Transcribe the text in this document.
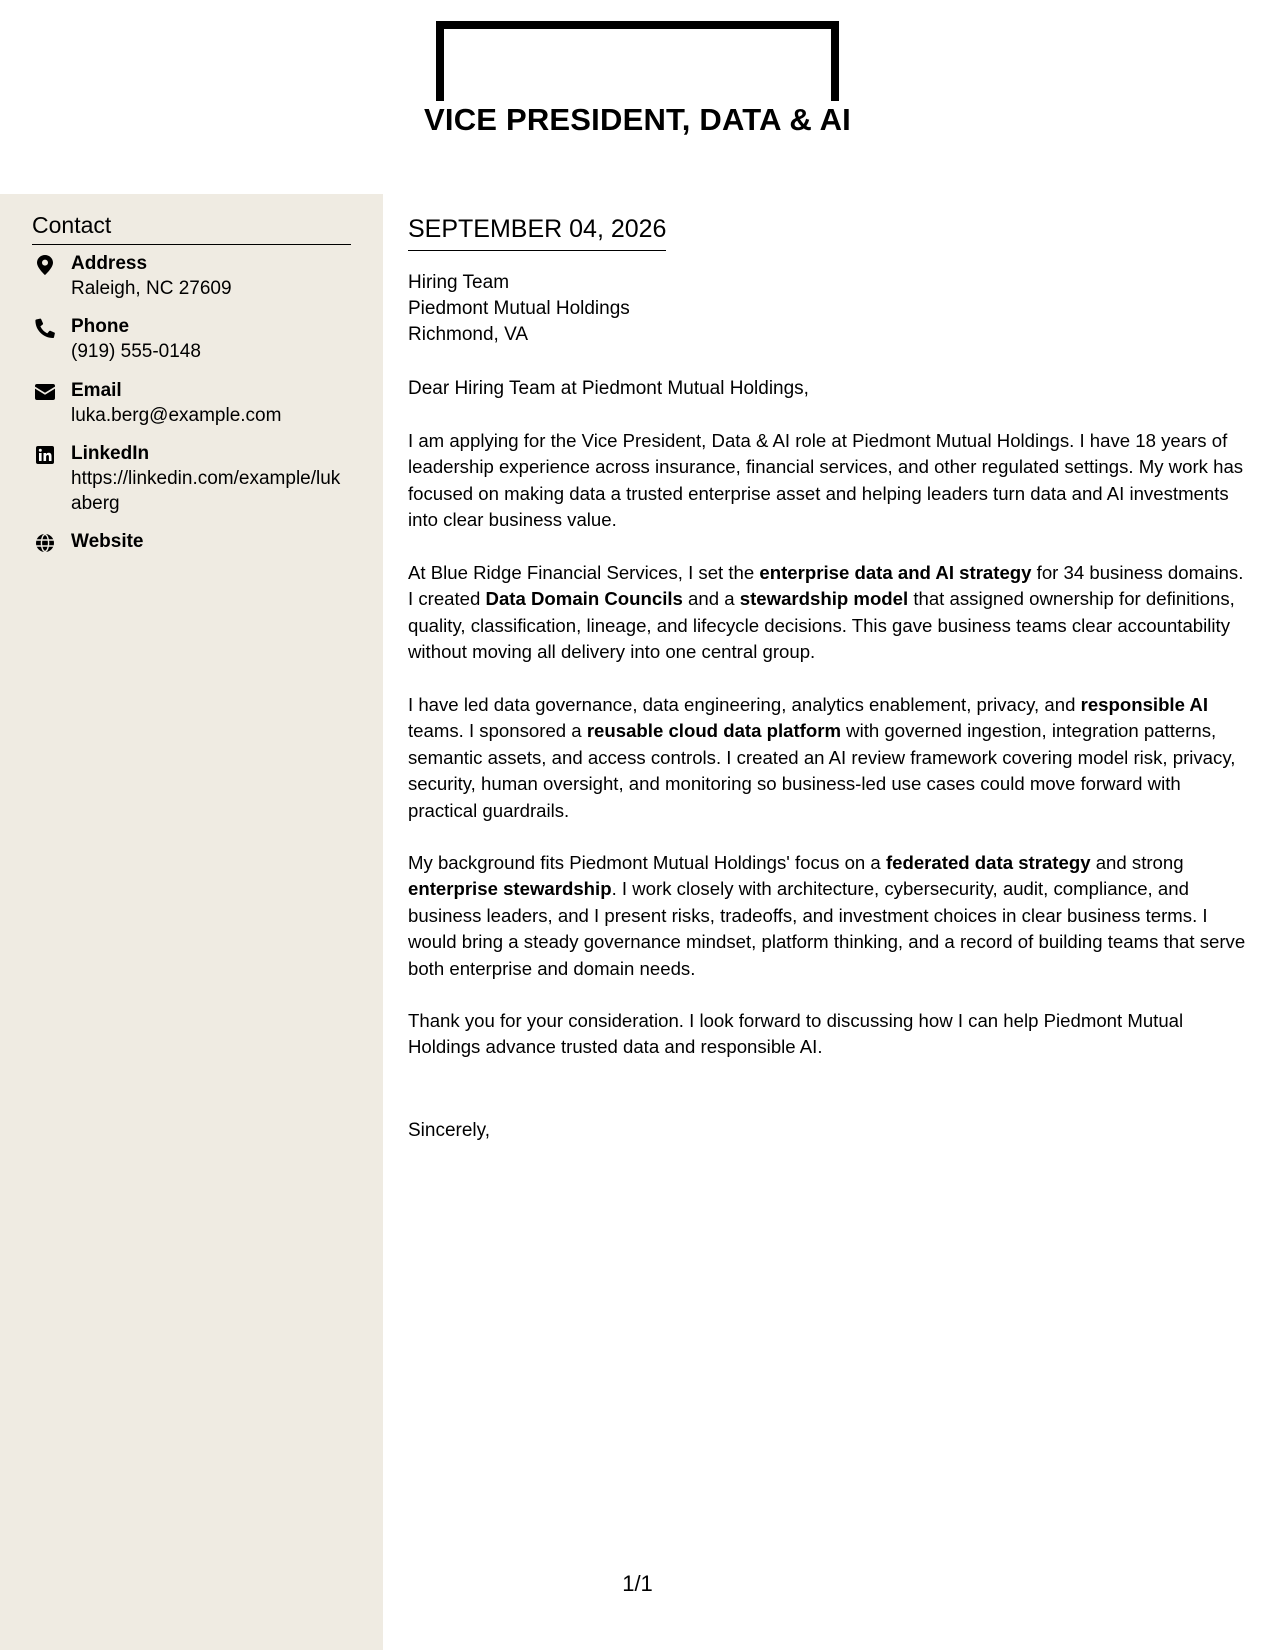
VICE PRESIDENT, DATA & AI
Contact
Address
Raleigh, NC 27609
Phone
(919) 555-0148
Email
luka.berg@example.com
LinkedIn
https://linkedin.com/example/lukaberg
Website
SEPTEMBER 04, 2026
Hiring Team
Piedmont Mutual Holdings
Richmond, VA
Dear Hiring Team at Piedmont Mutual Holdings,

I am applying for the Vice President, Data & AI role at Piedmont Mutual Holdings. I have 18 years of leadership experience across insurance, financial services, and other regulated settings. My work has focused on making data a trusted enterprise asset and helping leaders turn data and AI investments into clear business value.

At Blue Ridge Financial Services, I set the enterprise data and AI strategy for 34 business domains. I created Data Domain Councils and a stewardship model that assigned ownership for definitions, quality, classification, lineage, and lifecycle decisions. This gave business teams clear accountability without moving all delivery into one central group.

I have led data governance, data engineering, analytics enablement, privacy, and responsible AI teams. I sponsored a reusable cloud data platform with governed ingestion, integration patterns, semantic assets, and access controls. I created an AI review framework covering model risk, privacy, security, human oversight, and monitoring so business-led use cases could move forward with practical guardrails.

My background fits Piedmont Mutual Holdings' focus on a federated data strategy and strong enterprise stewardship. I work closely with architecture, cybersecurity, audit, compliance, and business leaders, and I present risks, tradeoffs, and investment choices in clear business terms. I would bring a steady governance mindset, platform thinking, and a record of building teams that serve both enterprise and domain needs.

Thank you for your consideration. I look forward to discussing how I can help Piedmont Mutual Holdings advance trusted data and responsible AI.

Sincerely,
1/1
